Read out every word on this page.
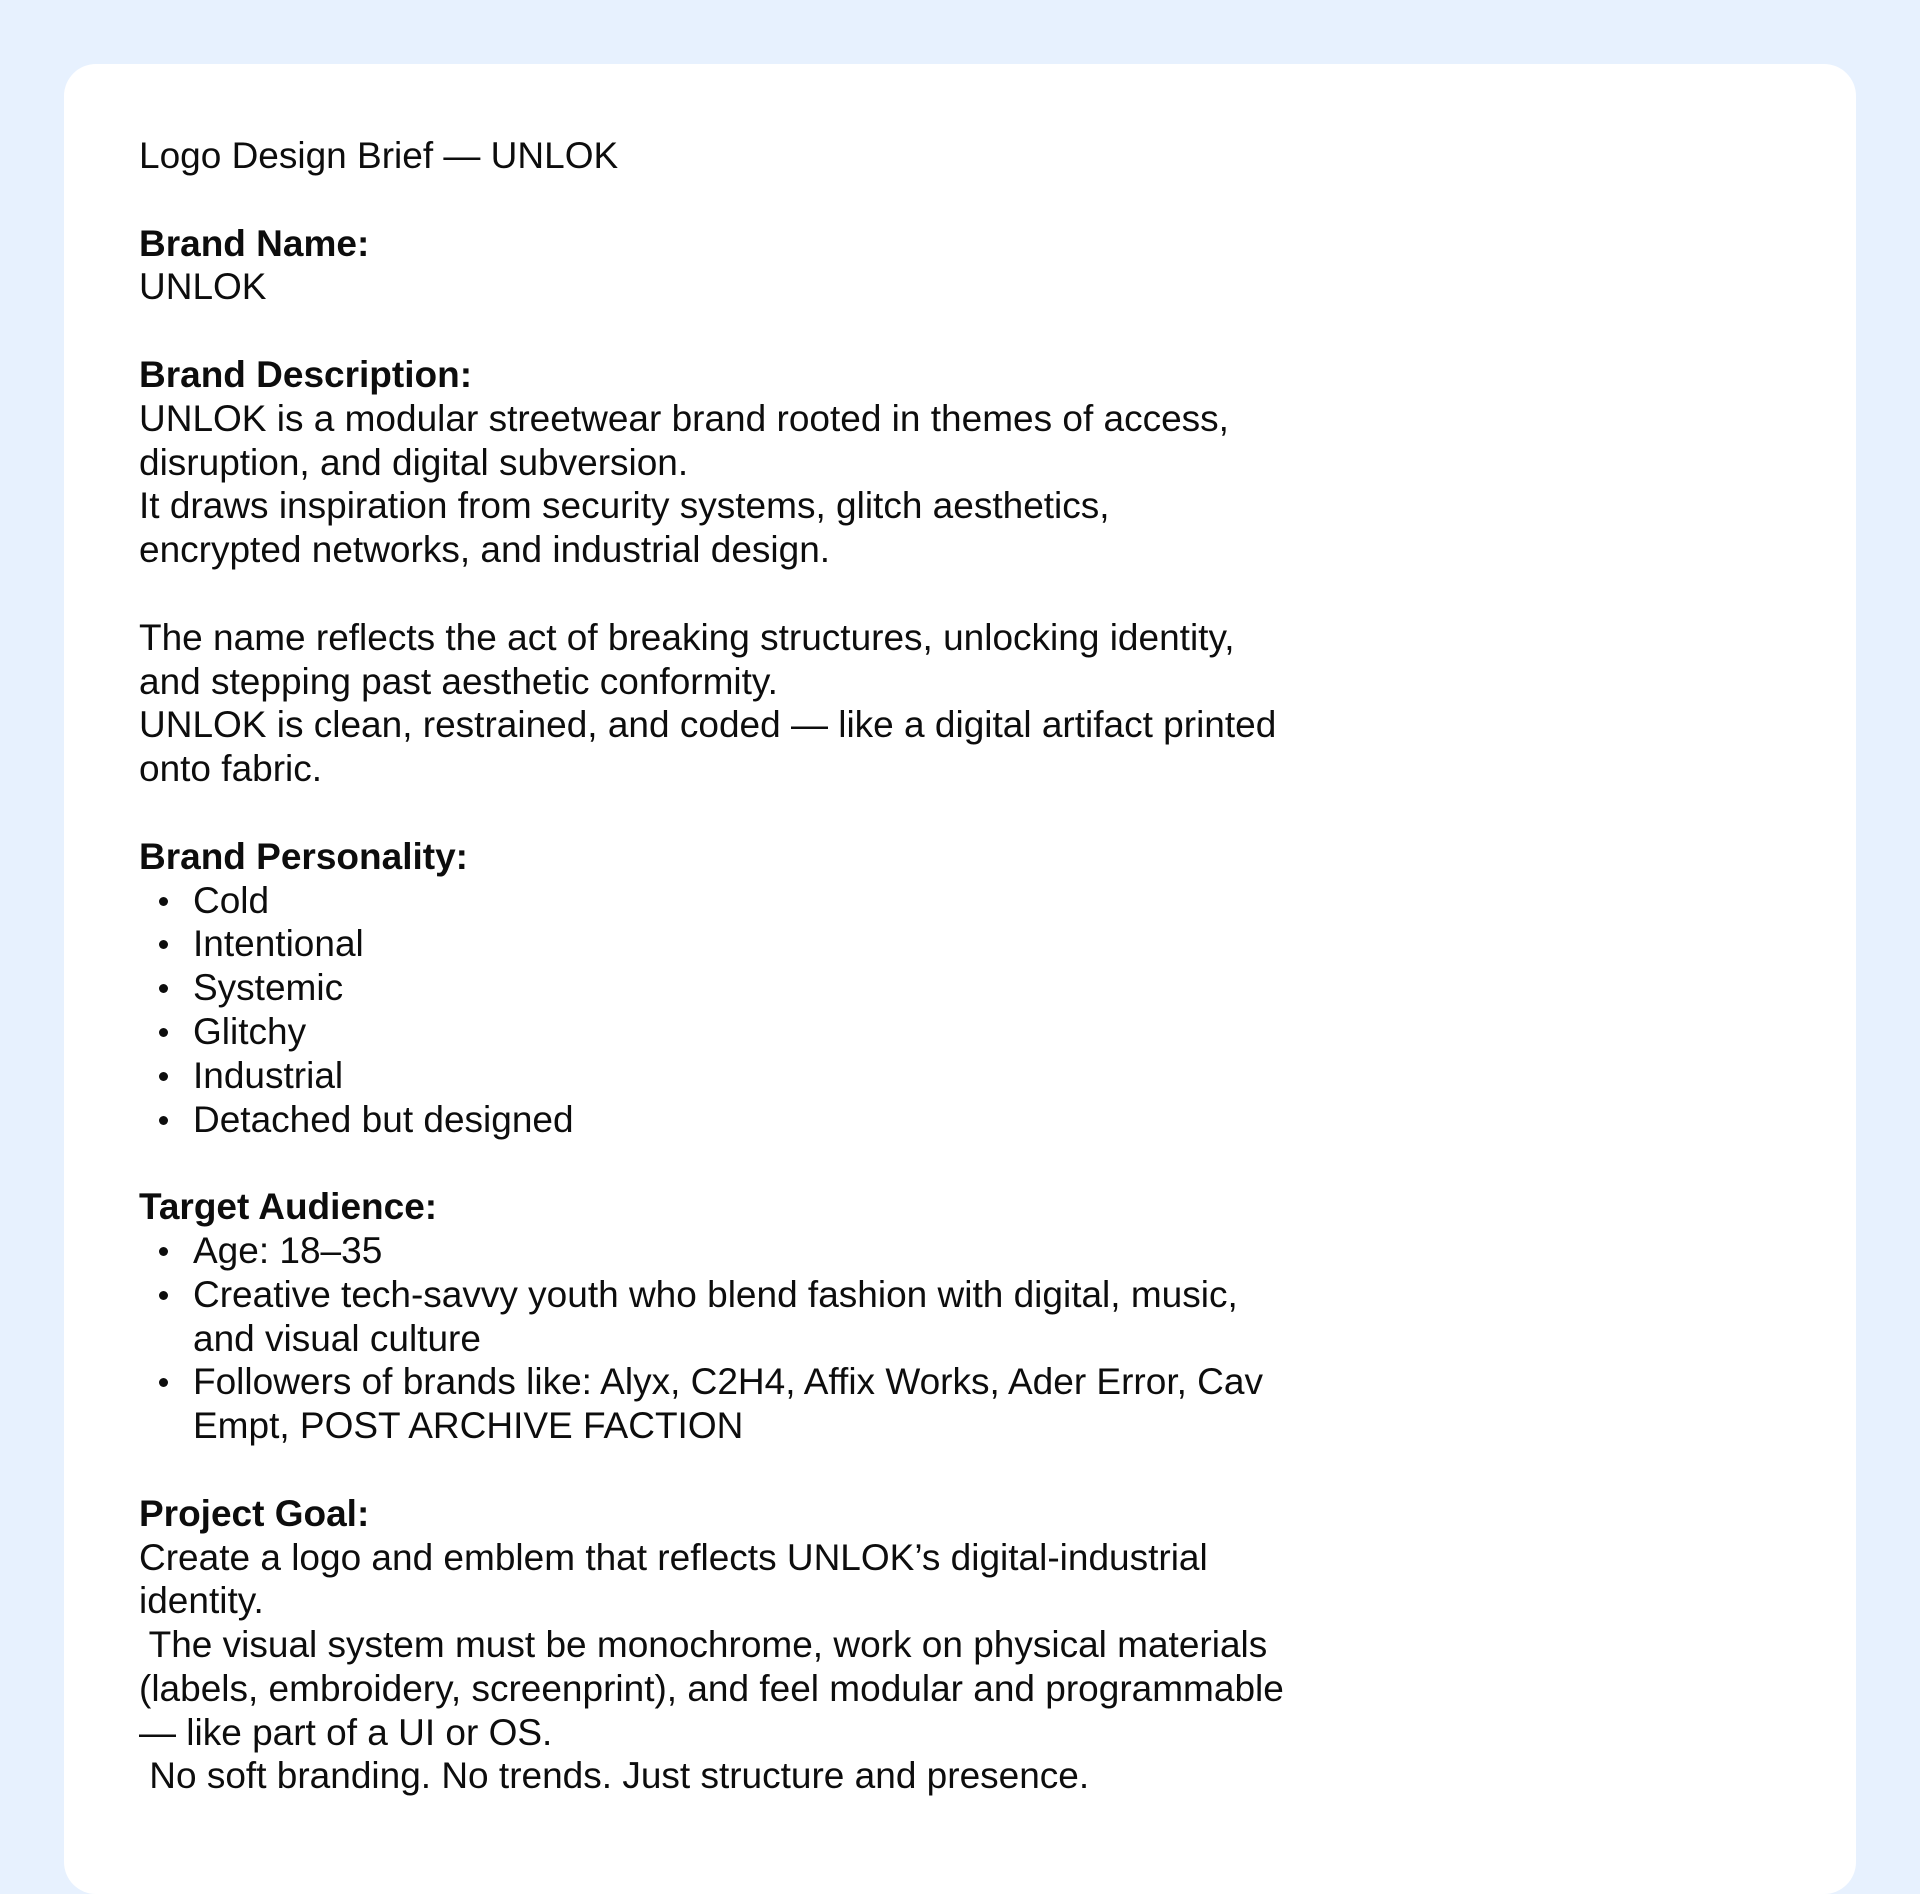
Logo Design Brief — UNLOK

Brand Name:

UNLOK

Brand Description:

UNLOK is a modular streetwear brand rooted in themes of access,

disruption, and digital subversion.

It draws inspiration from security systems, glitch aesthetics,

encrypted networks, and industrial design.

The name reflects the act of breaking structures, unlocking identity,

and stepping past aesthetic conformity.

UNLOK is clean, restrained, and coded — like a digital artifact printed

onto fabric.

Brand Personality:

Cold
Intentional
Systemic
Glitchy
Industrial
Detached but designed

Target Audience:

Age: 18–35
Creative tech-savvy youth who blend fashion with digital, music,
and visual culture
Followers of brands like: Alyx, C2H4, Affix Works, Ader Error, Cav
Empt, POST ARCHIVE FACTION

Project Goal:

Create a logo and emblem that reflects UNLOK’s digital-industrial

identity.

The visual system must be monochrome, work on physical materials

(labels, embroidery, screenprint), and feel modular and programmable

— like part of a UI or OS.

No soft branding. No trends. Just structure and presence.
